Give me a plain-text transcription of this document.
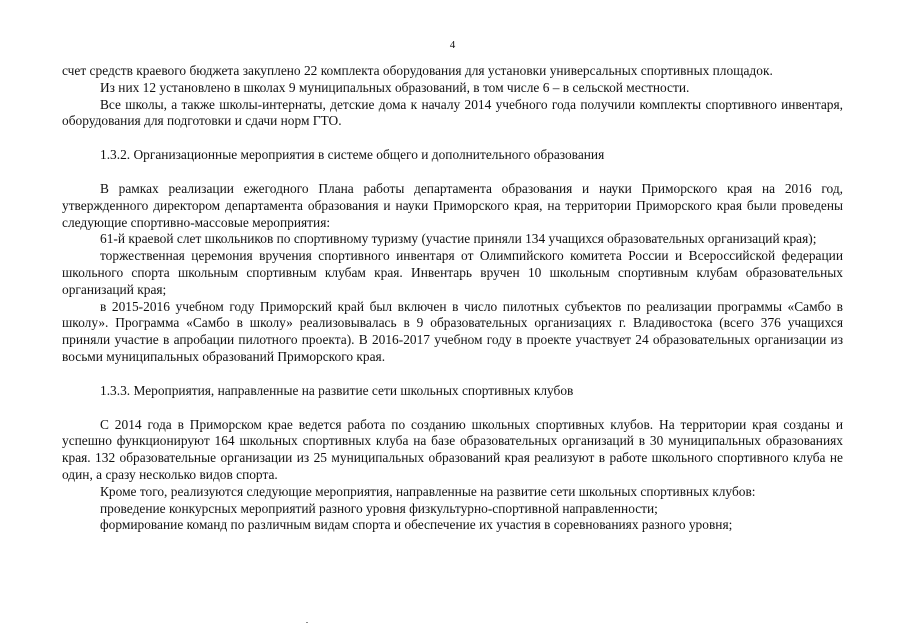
4

счет средств краевого бюджета закуплено 22 комплекта оборудования для установки универсальных спортивных площадок.

Из них 12 установлено в школах 9 муниципальных образований, в том числе 6 – в сельской местности.

Все школы, а также школы-интернаты, детские дома к началу 2014 учебного года получили комплекты спортивного инвентаря, оборудования для подготовки и сдачи норм ГТО.

1.3.2. Организационные мероприятия в системе общего и дополнительного образования

В рамках реализации ежегодного Плана работы департамента образования и науки Приморского края на 2016 год, утвержденного директором департамента образования и науки Приморского края, на территории Приморского края были проведены следующие спортивно-массовые мероприятия:

61-й краевой слет школьников по спортивному туризму (участие приняли 134 учащихся образовательных организаций края);

торжественная церемония вручения спортивного инвентаря от Олимпийского комитета России и Всероссийской федерации школьного спорта школьным спортивным клубам края. Инвентарь вручен 10 школьным спортивным клубам образовательных организаций края;

в 2015-2016 учебном году Приморский край был включен в число пилотных субъектов по реализации программы «Самбо в школу». Программа «Самбо в школу» реализовывалась в 9 образовательных организациях г. Владивостока (всего 376 учащихся приняли участие в апробации пилотного проекта). В 2016-2017 учебном году в проекте участвует 24 образовательных организации из восьми муниципальных образований Приморского края.

1.3.3. Мероприятия, направленные на развитие сети школьных спортивных клубов

С 2014 года в Приморском крае ведется работа по созданию школьных спортивных клубов. На территории края созданы и успешно функционируют 164 школьных спортивных клуба на базе образовательных организаций в 30 муниципальных образованиях края. 132 образовательные организации из 25 муниципальных образований края реализуют в работе школьного спортивного клуба не один, а сразу несколько видов спорта.

Кроме того, реализуются следующие мероприятия, направленные на развитие сети школьных спортивных клубов:

проведение конкурсных мероприятий разного уровня физкультурно-спортивной направленности;

формирование команд по различным видам спорта и обеспечение их участия в соревнованиях разного уровня;
